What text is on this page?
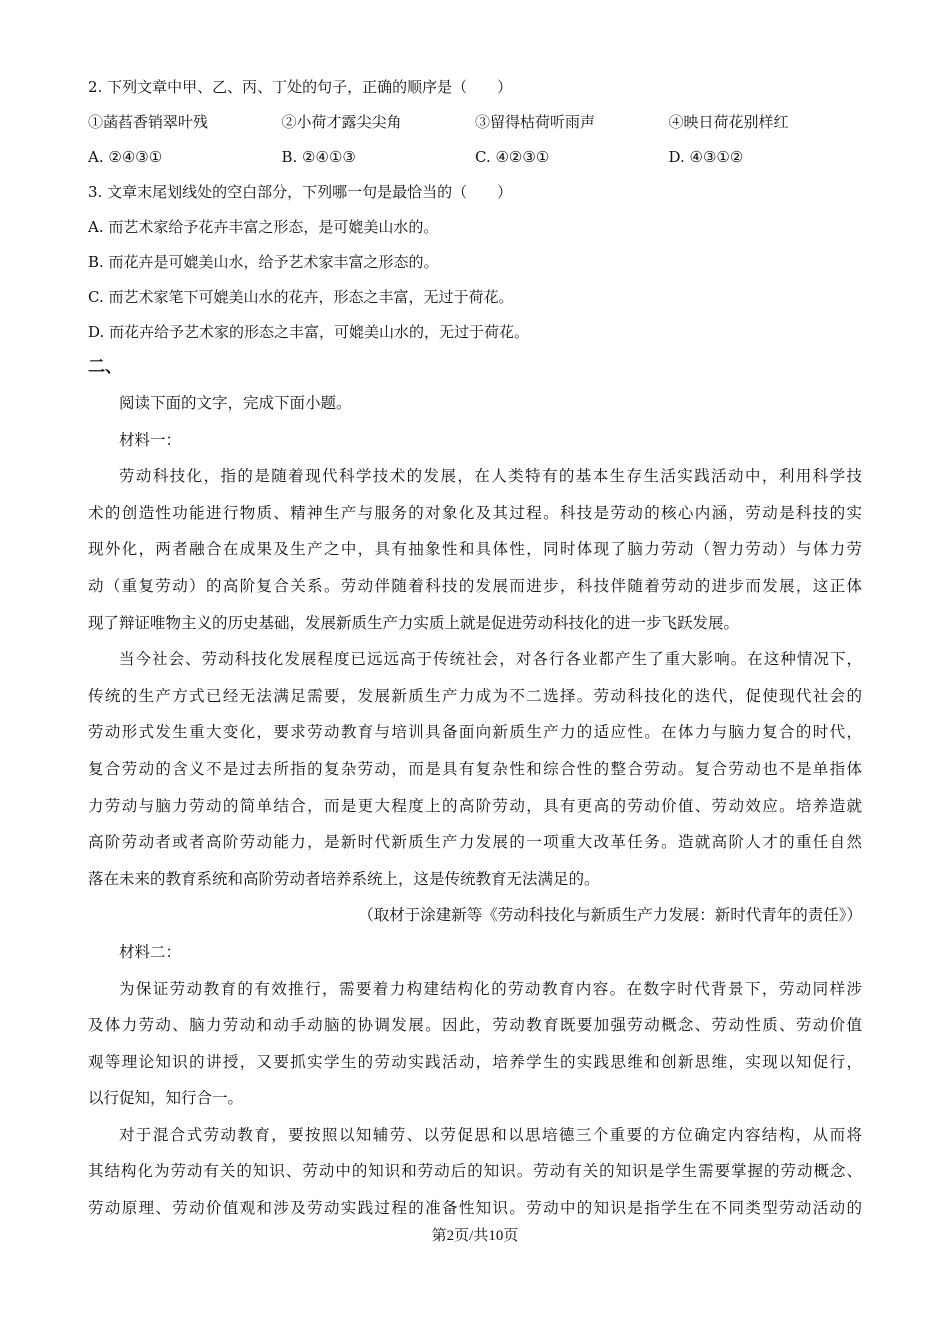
2. 下列文章中甲、乙、丙、丁处的句子，正确的顺序是（　　）
①菡萏香销翠叶残	②小荷才露尖尖角	③留得枯荷听雨声	④映日荷花别样红
A. ②④③①	B. ②④①③	C. ④②③①	D. ④③①②
3. 文章末尾划线处的空白部分，下列哪一句是最恰当的（　　）
A. 而艺术家给予花卉丰富之形态，是可媲美山水的。
B. 而花卉是可媲美山水，给予艺术家丰富之形态的。
C. 而艺术家笔下可媲美山水的花卉，形态之丰富，无过于荷花。
D. 而花卉给予艺术家的形态之丰富，可媲美山水的，无过于荷花。
二、
阅读下面的文字，完成下面小题。
材料一：
劳动科技化，指的是随着现代科学技术的发展，在人类特有的基本生存生活实践活动中，利用科学技
术的创造性功能进行物质、精神生产与服务的对象化及其过程。科技是劳动的核心内涵，劳动是科技的实
现外化，两者融合在成果及生产之中，具有抽象性和具体性，同时体现了脑力劳动（智力劳动）与体力劳
动（重复劳动）的高阶复合关系。劳动伴随着科技的发展而进步，科技伴随着劳动的进步而发展，这正体
现了辩证唯物主义的历史基础，发展新质生产力实质上就是促进劳动科技化的进一步飞跃发展。
当今社会、劳动科技化发展程度已远远高于传统社会，对各行各业都产生了重大影响。在这种情况下，
传统的生产方式已经无法满足需要，发展新质生产力成为不二选择。劳动科技化的迭代，促使现代社会的
劳动形式发生重大变化，要求劳动教育与培训具备面向新质生产力的适应性。在体力与脑力复合的时代，
复合劳动的含义不是过去所指的复杂劳动，而是具有复杂性和综合性的整合劳动。复合劳动也不是单指体
力劳动与脑力劳动的简单结合，而是更大程度上的高阶劳动，具有更高的劳动价值、劳动效应。培养造就
高阶劳动者或者高阶劳动能力，是新时代新质生产力发展的一项重大改革任务。造就高阶人才的重任自然
落在未来的教育系统和高阶劳动者培养系统上，这是传统教育无法满足的。
（取材于涂建新等《劳动科技化与新质生产力发展：新时代青年的责任》）
材料二：
为保证劳动教育的有效推行，需要着力构建结构化的劳动教育内容。在数字时代背景下，劳动同样涉
及体力劳动、脑力劳动和动手动脑的协调发展。因此，劳动教育既要加强劳动概念、劳动性质、劳动价值
观等理论知识的讲授，又要抓实学生的劳动实践活动，培养学生的实践思维和创新思维，实现以知促行，
以行促知，知行合一。
对于混合式劳动教育，要按照以知辅劳、以劳促思和以思培德三个重要的方位确定内容结构，从而将
其结构化为劳动有关的知识、劳动中的知识和劳动后的知识。劳动有关的知识是学生需要掌握的劳动概念、
劳动原理、劳动价值观和涉及劳动实践过程的准备性知识。劳动中的知识是指学生在不同类型劳动活动的
第2页/共10页
